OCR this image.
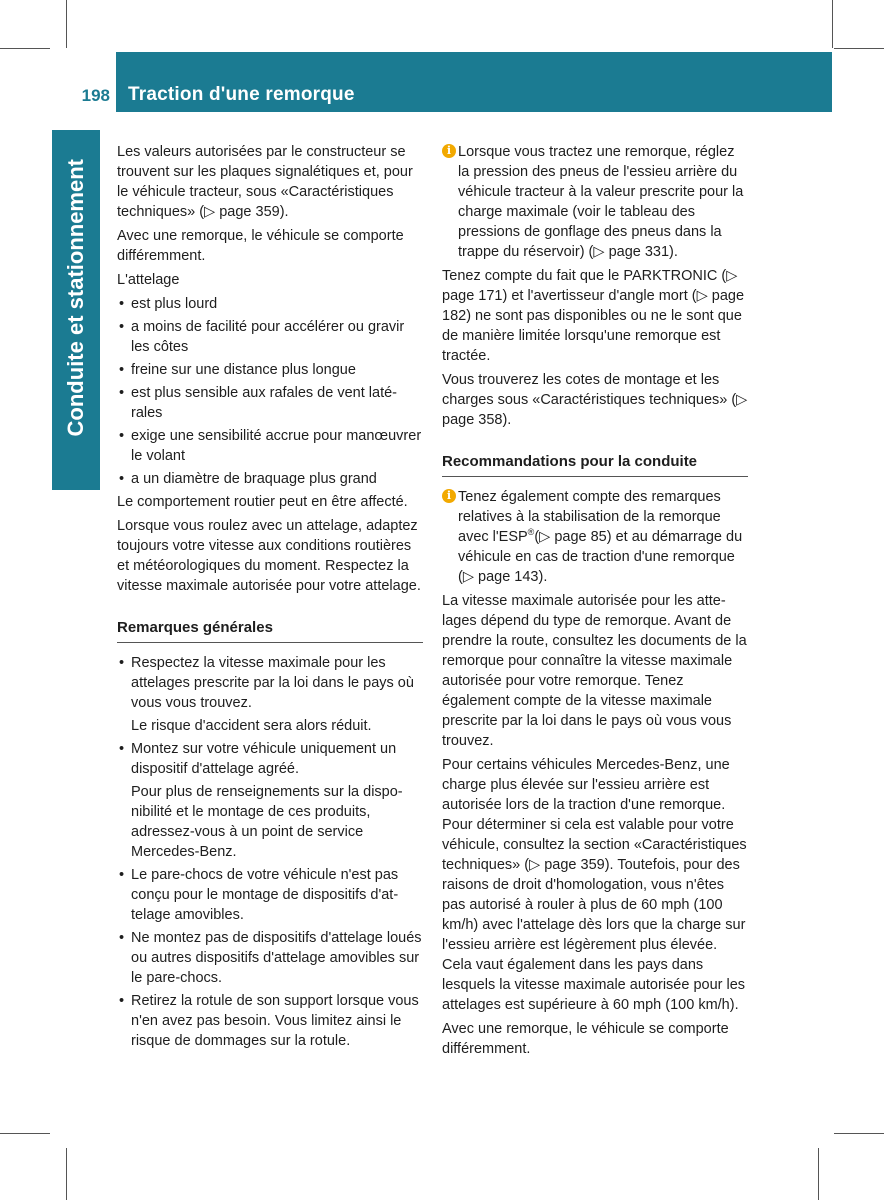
198 Traction d'une remorque
Conduite et stationnement

Les valeurs autorisées par le constructeur se trouvent sur les plaques signalétiques et, pour le véhicule tracteur, sous «Caractéristiques techniques» (▷ page 359).

Avec une remorque, le véhicule se comporte différemment.

L'attelage

• est plus lourd
• a moins de facilité pour accélérer ou gravir les côtes
• freine sur une distance plus longue
• est plus sensible aux rafales de vent latérales
• exige une sensibilité accrue pour manœuvrer le volant
• a un diamètre de braquage plus grand

Le comportement routier peut en être affecté.

Lorsque vous roulez avec un attelage, adaptez toujours votre vitesse aux conditions routières et météorologiques du moment. Respectez la vitesse maximale autorisée pour votre attelage.

Remarques générales
• Respectez la vitesse maximale pour les attelages prescrite par la loi dans le pays où vous vous trouvez.
Le risque d'accident sera alors réduit.
• Montez sur votre véhicule uniquement un dispositif d'attelage agréé.
Pour plus de renseignements sur la disponibilité et le montage de ces produits, adressez-vous à un point de service Mercedes-Benz.
• Le pare-chocs de votre véhicule n'est pas conçu pour le montage de dispositifs d'attelage amovibles.
• Ne montez pas de dispositifs d'attelage loués ou autres dispositifs d'attelage amovibles sur le pare-chocs.
• Retirez la rotule de son support lorsque vous n'en avez pas besoin. Vous limitez ainsi le risque de dommages sur la rotule.
i Lorsque vous tractez une remorque, réglez la pression des pneus de l'essieu arrière du véhicule tracteur à la valeur prescrite pour la charge maximale (voir le tableau des pressions de gonflage des pneus dans la trappe du réservoir) (▷ page 331).

Tenez compte du fait que le PARKTRONIC (▷ page 171) et l'avertisseur d'angle mort (▷ page 182) ne sont pas disponibles ou ne le sont que de manière limitée lorsqu'une remorque est tractée.

Vous trouverez les cotes de montage et les charges sous «Caractéristiques techniques» (▷ page 358).

Recommandations pour la conduite
i Tenez également compte des remarques relatives à la stabilisation de la remorque avec l'ESP®(▷ page 85) et au démarrage du véhicule en cas de traction d'une remorque (▷ page 143).

La vitesse maximale autorisée pour les attelages dépend du type de remorque. Avant de prendre la route, consultez les documents de la remorque pour connaître la vitesse maximale autorisée pour votre remorque. Tenez également compte de la vitesse maximale prescrite par la loi dans le pays où vous vous trouvez.

Pour certains véhicules Mercedes-Benz, une charge plus élevée sur l'essieu arrière est autorisée lors de la traction d'une remorque. Pour déterminer si cela est valable pour votre véhicule, consultez la section «Caractéristiques techniques» (▷ page 359). Toutefois, pour des raisons de droit d'homologation, vous n'êtes pas autorisé à rouler à plus de 60 mph (100 km/h) avec l'attelage dès lors que la charge sur l'essieu arrière est légèrement plus élevée. Cela vaut également dans les pays dans lesquels la vitesse maximale autorisée pour les attelages est supérieure à 60 mph (100 km/h).

Avec une remorque, le véhicule se comporte différemment.
